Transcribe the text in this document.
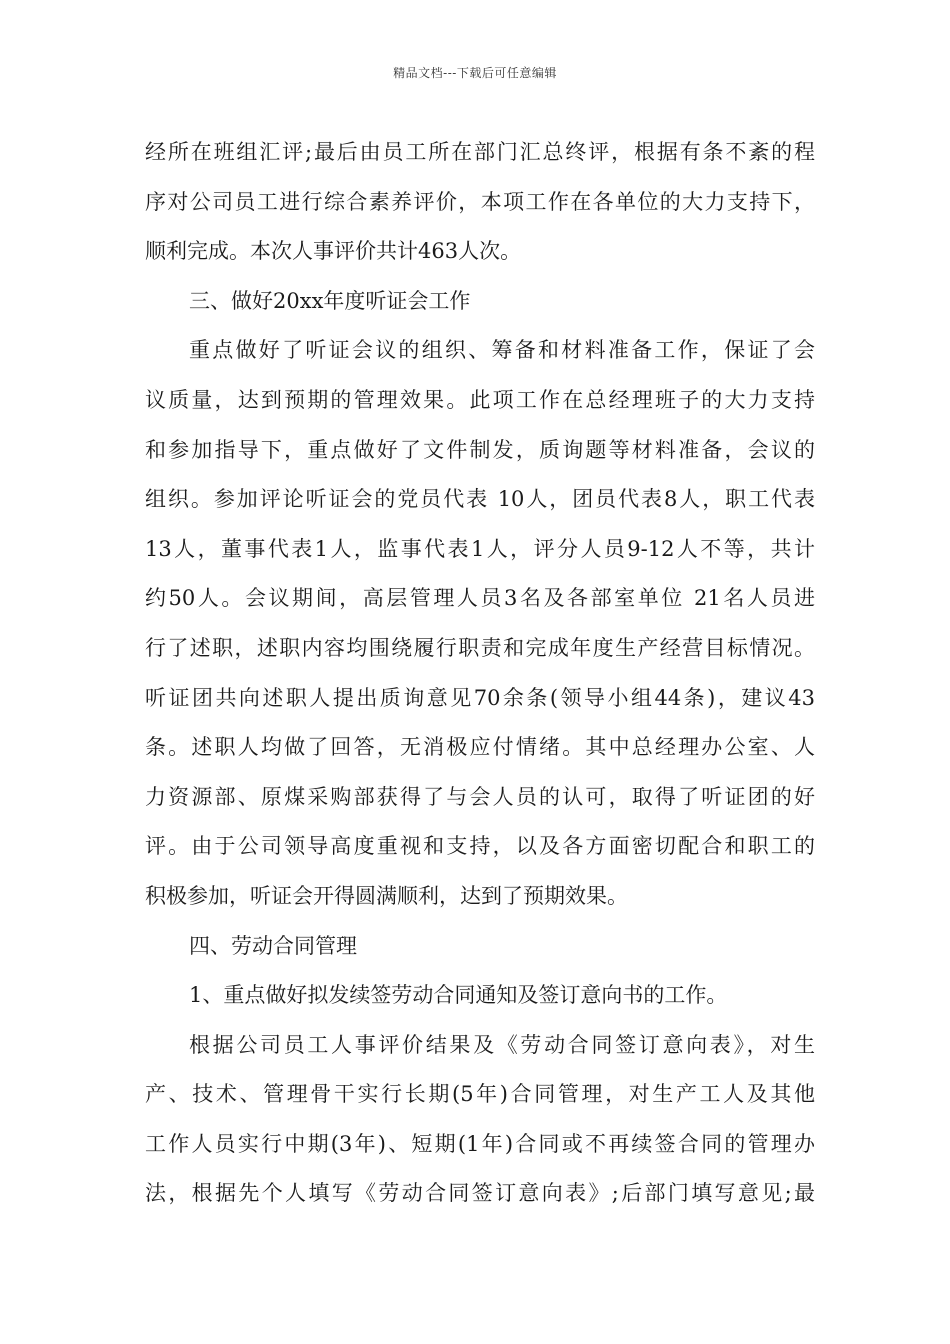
精品文档---下载后可任意编辑
经所在班组汇评;最后由员工所在部门汇总终评，根据有条不紊的程
序对公司员工进行综合素养评价，本项工作在各单位的大力支持下，
顺利完成。本次人事评价共计463人次。
三、做好20xx年度听证会工作
重点做好了听证会议的组织、筹备和材料准备工作，保证了会
议质量，达到预期的管理效果。此项工作在总经理班子的大力支持
和参加指导下，重点做好了文件制发，质询题等材料准备，会议的
组织。参加评论听证会的党员代表 10人，团员代表8人，职工代表
13人，董事代表1人，监事代表1人，评分人员9-12人不等，共计
约50人。会议期间，高层管理人员3名及各部室单位 21名人员进
行了述职，述职内容均围绕履行职责和完成年度生产经营目标情况。
听证团共向述职人提出质询意见70余条(领导小组44条)，建议43
条。述职人均做了回答，无消极应付情绪。其中总经理办公室、人
力资源部、原煤采购部获得了与会人员的认可，取得了听证团的好
评。由于公司领导高度重视和支持，以及各方面密切配合和职工的
积极参加，听证会开得圆满顺利，达到了预期效果。
四、劳动合同管理
1、重点做好拟发续签劳动合同通知及签订意向书的工作。
根据公司员工人事评价结果及《劳动合同签订意向表》，对生
产、技术、管理骨干实行长期(5年)合同管理，对生产工人及其他
工作人员实行中期(3年)、短期(1年)合同或不再续签合同的管理办
法，根据先个人填写《劳动合同签订意向表》;后部门填写意见;最
